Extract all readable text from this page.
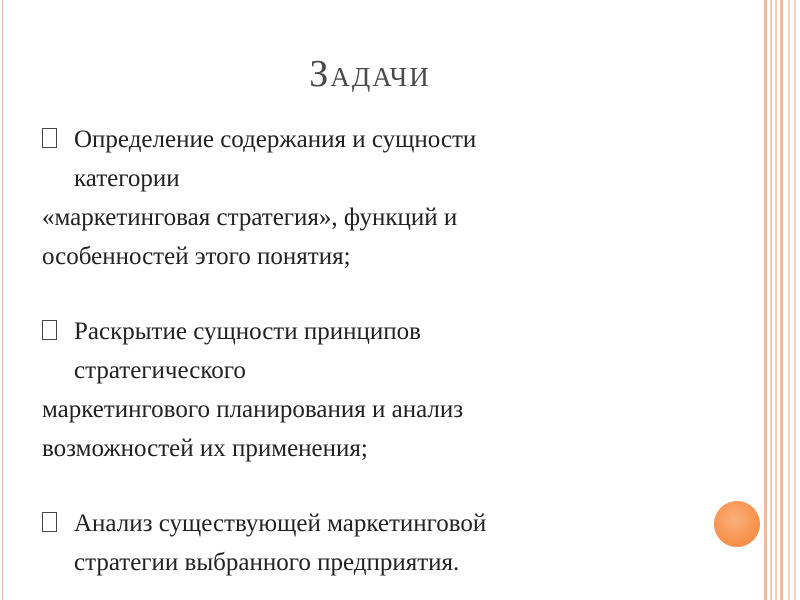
Задачи
Определение содержания и сущности
категории
«маркетинговая стратегия», функций и
особенностей этого понятия;
Раскрытие сущности принципов
стратегического
маркетингового планирования и анализ
возможностей их применения;
Анализ существующей маркетинговой
стратегии выбранного предприятия.
